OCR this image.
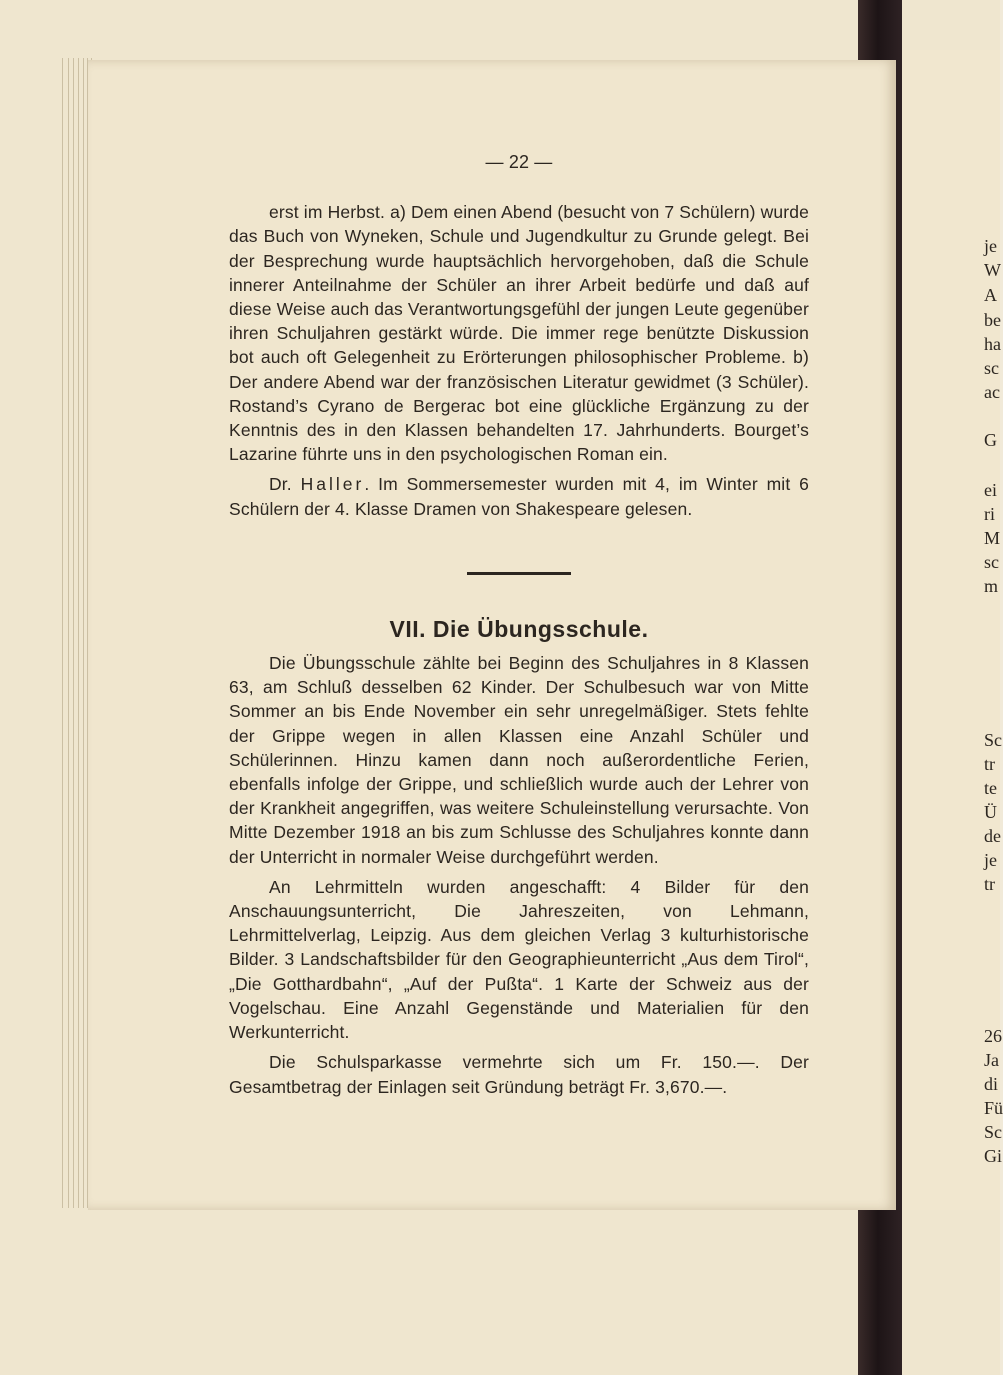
— 22 —

erst im Herbst. a) Dem einen Abend (besucht von 7 Schülern) wurde das Buch von Wyneken, Schule und Jugendkultur zu Grunde gelegt. Bei der Besprechung wurde hauptsächlich hervorgehoben, daß die Schule innerer Anteilnahme der Schüler an ihrer Arbeit bedürfe und daß auf diese Weise auch das Verantwortungsgefühl der jungen Leute gegenüber ihren Schuljahren gestärkt würde. Die immer rege benützte Diskussion bot auch oft Gelegenheit zu Erörterungen philosophischer Probleme. b) Der andere Abend war der französischen Literatur gewidmet (3 Schüler). Rostand’s Cyrano de Bergerac bot eine glückliche Ergänzung zu der Kenntnis des in den Klassen behandelten 17. Jahrhunderts. Bourget’s Lazarine führte uns in den psychologischen Roman ein.

Dr. Haller. Im Sommersemester wurden mit 4, im Winter mit 6 Schülern der 4. Klasse Dramen von Shakespeare gelesen.

VII. Die Übungsschule.

Die Übungsschule zählte bei Beginn des Schuljahres in 8 Klassen 63, am Schluß desselben 62 Kinder. Der Schulbesuch war von Mitte Sommer an bis Ende November ein sehr unregelmäßiger. Stets fehlte der Grippe wegen in allen Klassen eine Anzahl Schüler und Schülerinnen. Hinzu kamen dann noch außerordentliche Ferien, ebenfalls infolge der Grippe, und schließlich wurde auch der Lehrer von der Krankheit angegriffen, was weitere Schuleinstellung verursachte. Von Mitte Dezember 1918 an bis zum Schlusse des Schuljahres konnte dann der Unterricht in normaler Weise durchgeführt werden.

An Lehrmitteln wurden angeschafft: 4 Bilder für den Anschauungsunterricht, Die Jahreszeiten, von Lehmann, Lehrmittelverlag, Leipzig. Aus dem gleichen Verlag 3 kulturhistorische Bilder. 3 Landschaftsbilder für den Geographieunterricht „Aus dem Tirol“, „Die Gotthardbahn“, „Auf der Pußta“. 1 Karte der Schweiz aus der Vogelschau. Eine Anzahl Gegenstände und Materialien für den Werkunterricht.

Die Schulsparkasse vermehrte sich um Fr. 150.—. Der Gesamtbetrag der Einlagen seit Gründung beträgt Fr. 3,670.—.

je
W
A
be
ha
sc
ac
G
ei
ri
M
sc
m
Sc
tr
te
Ü
de
je
tr
26
Ja
di
Fü
Sc
Gi
